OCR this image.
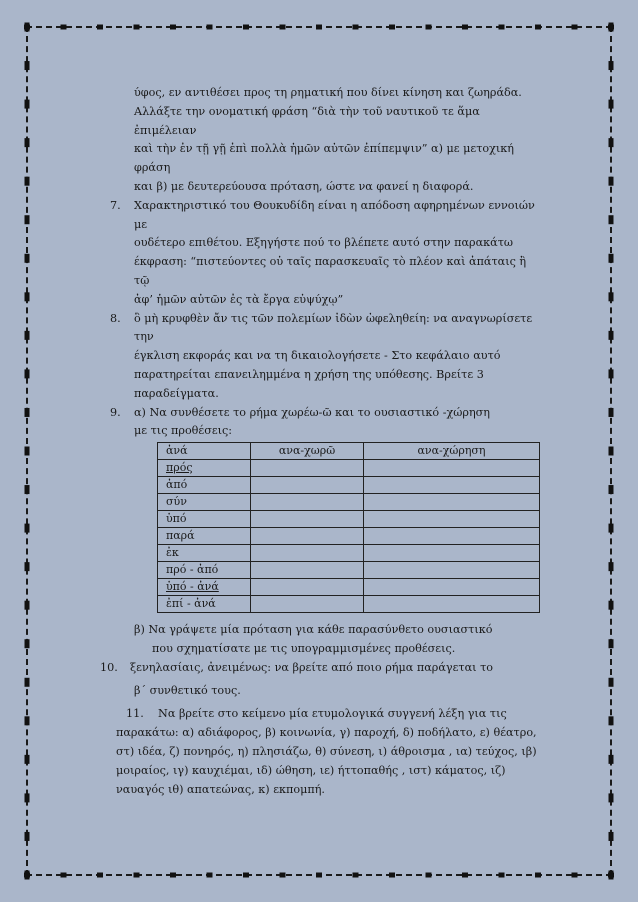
ύφος, εν αντιθέσει προς τη ρηματική που δίνει κίνηση και ζωηράδα.

Αλλάξτε την ονοματική φράση “διὰ τὴν τοῦ ναυτικοῦ τε ἅμα ἐπιμέλειαν

καὶ τὴν ἐν τῇ γῇ ἐπὶ πολλὰ ἡμῶν αὐτῶν ἐπίπεμψιν” α) με μετοχική φράση

και β) με δευτερεύουσα πρόταση, ώστε να φανεί η διαφορά.

7. Χαρακτηριστικό του Θουκυδίδη είναι η απόδοση αφηρημένων εννοιών με

ουδέτερο επιθέτου. Εξηγήστε πού το βλέπετε αυτό στην παρακάτω

έκφραση: “πιστεύοντες οὐ ταῖς παρασκευαῖς τὸ πλέον καὶ ἀπάταις ἢ τῷ

ἀφ’ ἡμῶν αὐτῶν ἐς τὰ ἔργα εὐψύχῳ”

8. ὃ μὴ κρυφθὲν ἄν τις τῶν πολεμίων ἰδὼν ὠφεληθείη: να αναγνωρίσετε την

έγκλιση εκφοράς και να τη δικαιολογήσετε - Στο κεφάλαιο αυτό

παρατηρείται επανειλημμένα η χρήση της υπόθεσης. Βρείτε 3

παραδείγματα.

9. α) Να συνθέσετε το ρήμα χωρέω-ῶ και το ουσιαστικό -χώρηση

με τις προθέσεις:

ἀνά	ανα-χωρῶ	ανα-χώρηση
πρός		
ἀπό		
σύν		
ὑπό		
παρά		
ἐκ		
πρό - ἀπό		
ὑπό - ἀνά		
ἐπί - ἀνά		

β) Να γράψετε μία πρόταση για κάθε παρασύνθετο ουσιαστικό

που σχηματίσατε με τις υπογραμμισμένες προθέσεις.

10. ξενηλασίαις, ἀνειμένως: να βρείτε από ποιο ρήμα παράγεται το

β΄ συνθετικό τους.

11. Να βρείτε στο κείμενο μία ετυμολογικά συγγενή λέξη για τις

παρακάτω: α) αδιάφορος, β) κοινωνία, γ) παροχή, δ) ποδήλατο, ε) θέατρο,

στ) ιδέα, ζ) πονηρός, η) πλησιάζω, θ) σύνεση, ι) άθροισμα , ια) τεύχος, ιβ)

μοιραίος, ιγ) καυχιέμαι, ιδ) ώθηση, ιε) ήττοπαθής , ιστ) κάματος, ιζ)

ναυαγός ιθ) απατεώνας, κ) εκπομπή.
